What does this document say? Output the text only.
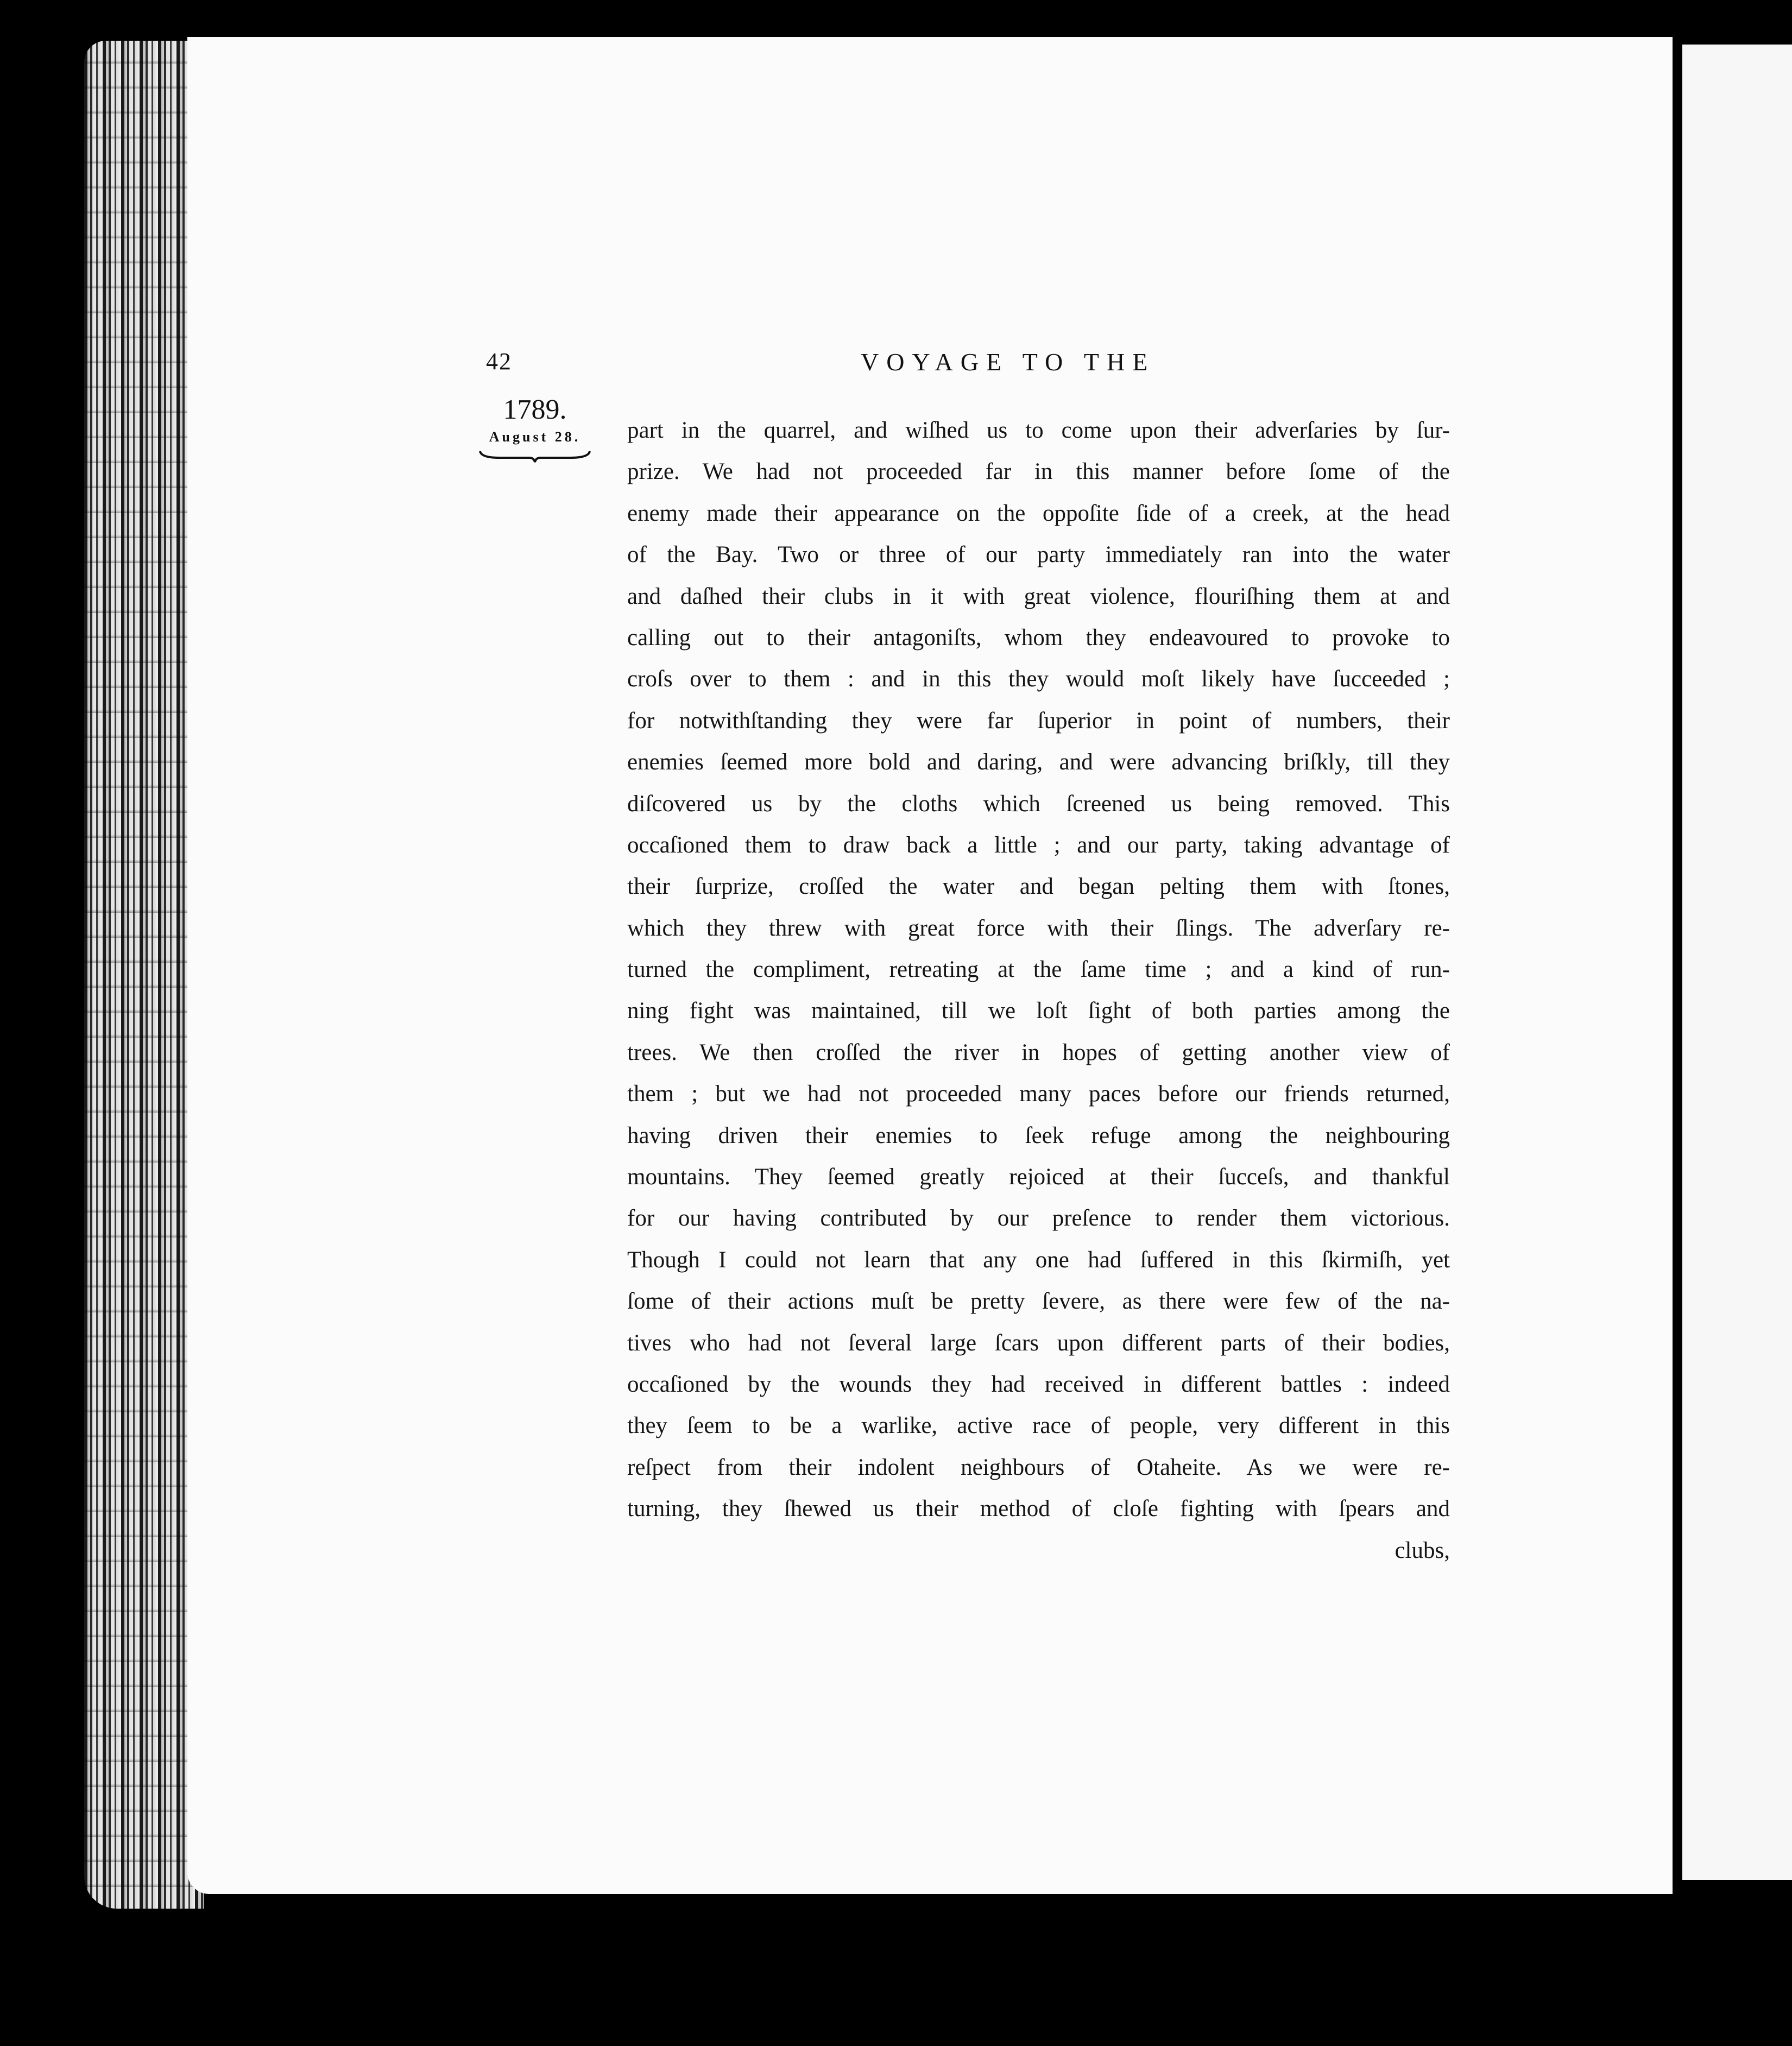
42	VOYAGE TO THE
1789.
August 28.	part in the quarrel, and wiſhed us to come upon their adverſaries by ſur-
prize. We had not proceeded far in this manner before ſome of the
enemy made their appearance on the oppoſite ſide of a creek, at the head
of the Bay. Two or three of our party immediately ran into the water
and daſhed their clubs in it with great violence, flouriſhing them at and
calling out to their antagoniſts, whom they endeavoured to provoke to
croſs over to them : and in this they would moſt likely have ſucceeded ;
for notwithſtanding they were far ſuperior in point of numbers, their
enemies ſeemed more bold and daring, and were advancing briſkly, till they
diſcovered us by the cloths which ſcreened us being removed. This
occaſioned them to draw back a little ; and our party, taking advantage of
their ſurprize, croſſed the water and began pelting them with ſtones,
which they threw with great force with their ſlings. The adverſary re-
turned the compliment, retreating at the ſame time ; and a kind of run-
ning fight was maintained, till we loſt ſight of both parties among the
trees. We then croſſed the river in hopes of getting another view of
them ; but we had not proceeded many paces before our friends returned,
having driven their enemies to ſeek refuge among the neighbouring
mountains. They ſeemed greatly rejoiced at their ſucceſs, and thankful
for our having contributed by our preſence to render them victorious.
Though I could not learn that any one had ſuffered in this ſkirmiſh, yet
ſome of their actions muſt be pretty ſevere, as there were few of the na-
tives who had not ſeveral large ſcars upon different parts of their bodies,
occaſioned by the wounds they had received in different battles : indeed
they ſeem to be a warlike, active race of people, very different in this
reſpect from their indolent neighbours of Otaheite. As we were re-
turning, they ſhewed us their method of cloſe fighting with ſpears and
clubs,
